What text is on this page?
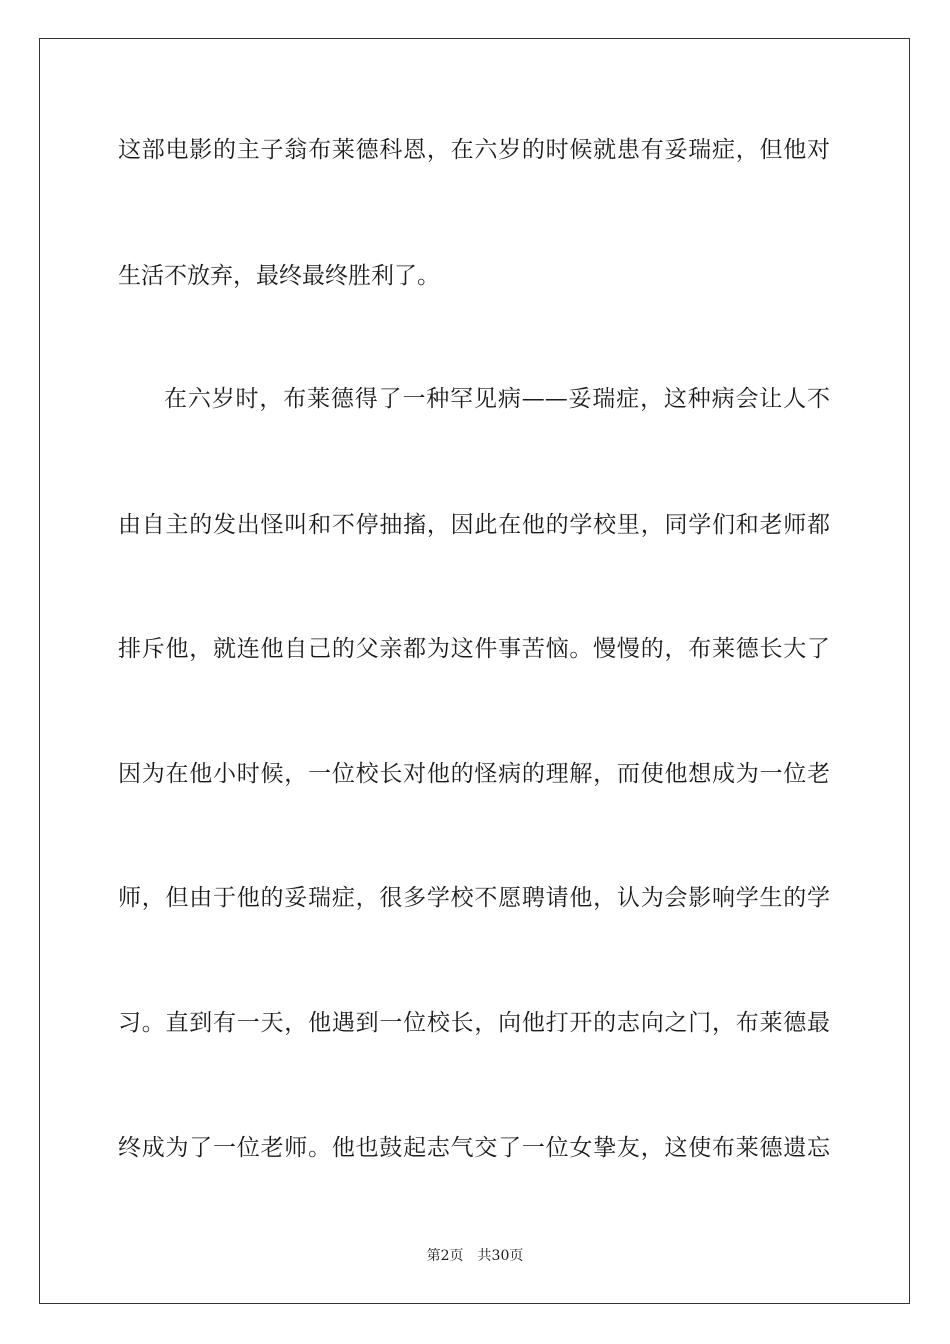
这部电影的主子翁布莱德科恩，在六岁的时候就患有妥瑞症，但他对
生活不放弃，最终最终胜利了。
在六岁时，布莱德得了一种罕见病——妥瑞症，这种病会让人不
由自主的发出怪叫和不停抽搐，因此在他的学校里，同学们和老师都
排斥他，就连他自己的父亲都为这件事苦恼。慢慢的，布莱德长大了
因为在他小时候，一位校长对他的怪病的理解，而使他想成为一位老
师，但由于他的妥瑞症，很多学校不愿聘请他，认为会影响学生的学
习。直到有一天，他遇到一位校长，向他打开的志向之门，布莱德最
终成为了一位老师。他也鼓起志气交了一位女挚友，这使布莱德遗忘
第2页 共30页
